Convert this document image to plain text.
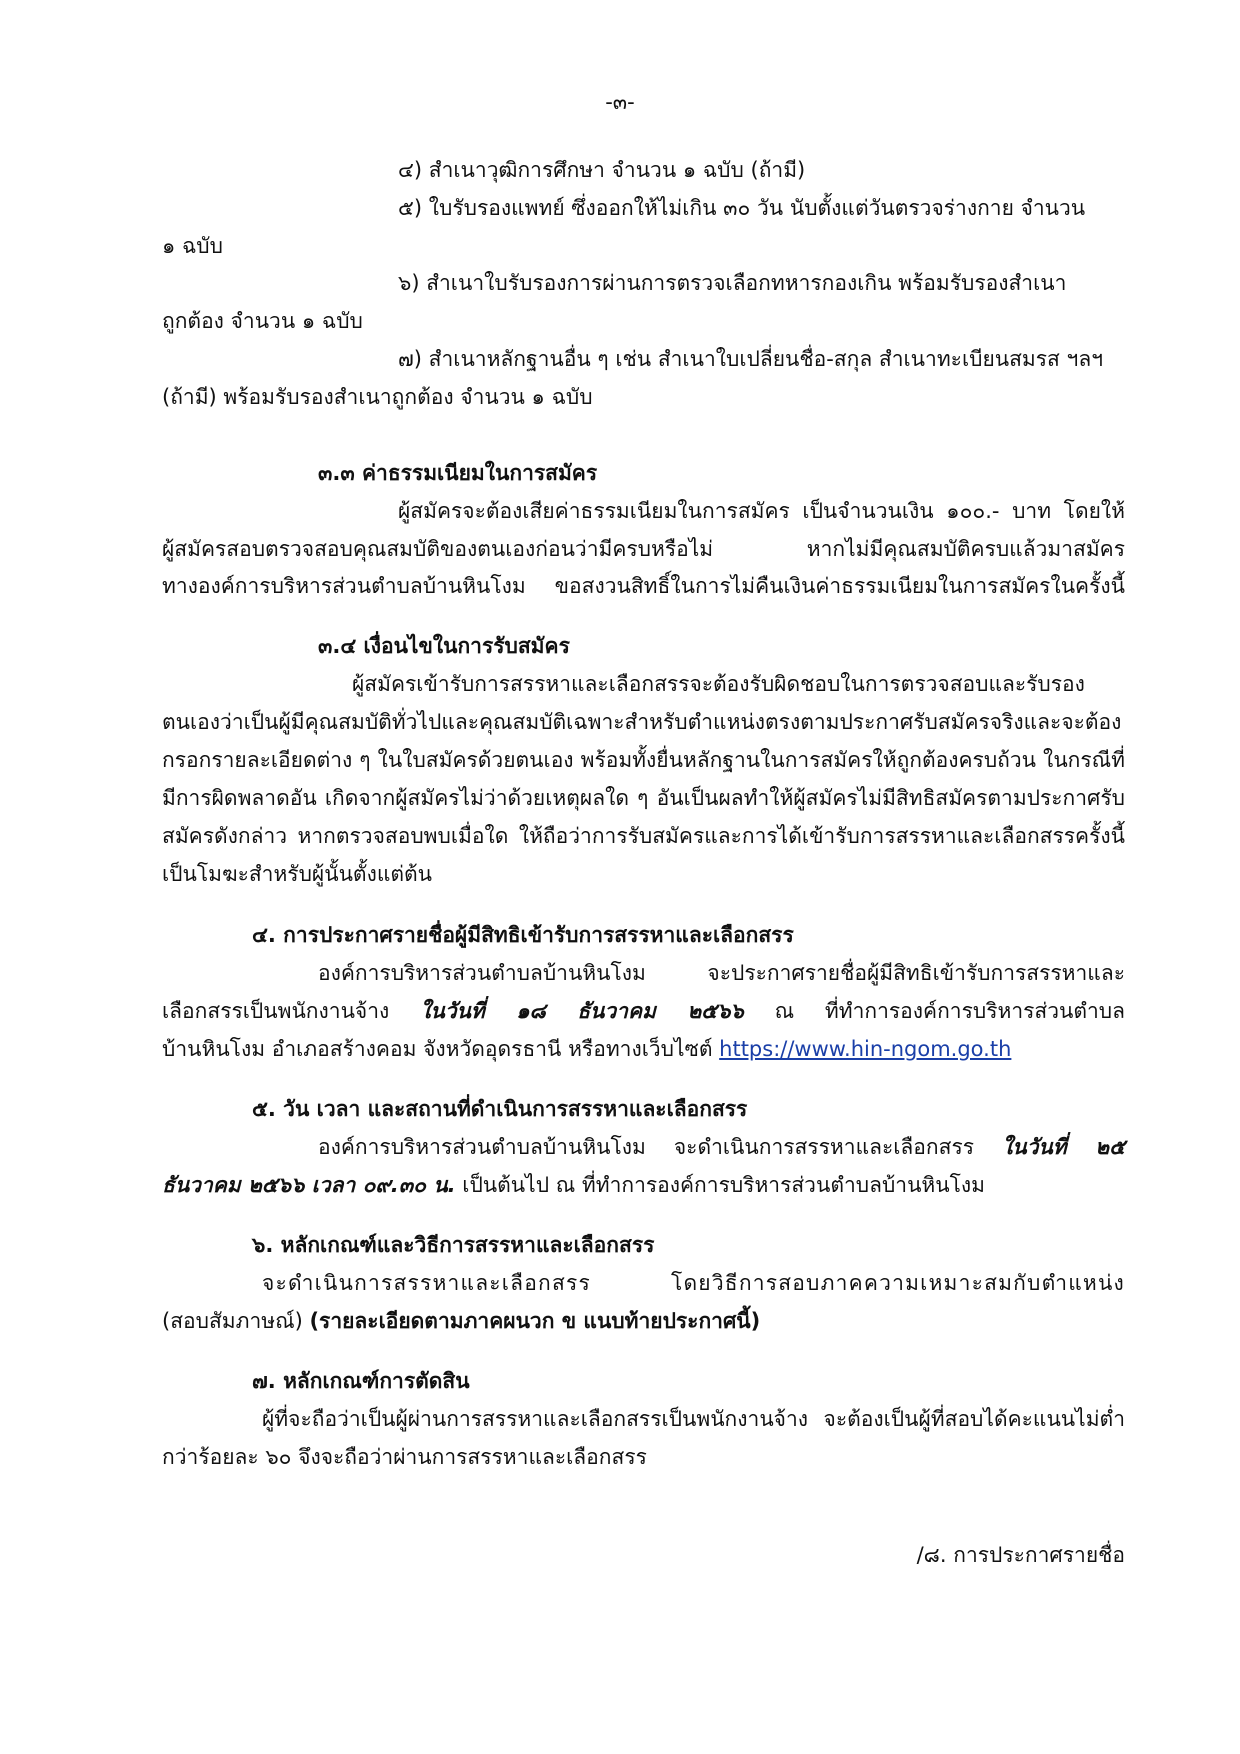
-๓-
๔) สำเนาวุฒิการศึกษา จำนวน ๑ ฉบับ (ถ้ามี)
๕) ใบรับรองแพทย์ ซึ่งออกให้ไม่เกิน ๓๐ วัน นับตั้งแต่วันตรวจร่างกาย จำนวน
๑ ฉบับ
๖) สำเนาใบรับรองการผ่านการตรวจเลือกทหารกองเกิน พร้อมรับรองสำเนา
ถูกต้อง จำนวน ๑ ฉบับ
๗) สำเนาหลักฐานอื่น ๆ เช่น สำเนาใบเปลี่ยนชื่อ-สกุล สำเนาทะเบียนสมรส ฯลฯ
(ถ้ามี) พร้อมรับรองสำเนาถูกต้อง จำนวน ๑ ฉบับ
๓.๓ ค่าธรรมเนียมในการสมัคร
ผู้สมัครจะต้องเสียค่าธรรมเนียมในการสมัคร เป็นจำนวนเงิน ๑๐๐.- บาท โดยให้
ผู้สมัครสอบตรวจสอบคุณสมบัติของตนเองก่อนว่ามีครบหรือไม่ หากไม่มีคุณสมบัติครบแล้วมาสมัคร
ทางองค์การบริหารส่วนตำบลบ้านหินโงม ขอสงวนสิทธิ์ในการไม่คืนเงินค่าธรรมเนียมในการสมัครในครั้งนี้
๓.๔ เงื่อนไขในการรับสมัคร
ผู้สมัครเข้ารับการสรรหาและเลือกสรรจะต้องรับผิดชอบในการตรวจสอบและรับรอง
ตนเองว่าเป็นผู้มีคุณสมบัติทั่วไปและคุณสมบัติเฉพาะสำหรับตำแหน่งตรงตามประกาศรับสมัครจริงและจะต้อง
กรอกรายละเอียดต่าง ๆ ในใบสมัครด้วยตนเอง พร้อมทั้งยื่นหลักฐานในการสมัครให้ถูกต้องครบถ้วน ในกรณีที่
มีการผิดพลาดอัน เกิดจากผู้สมัครไม่ว่าด้วยเหตุผลใด ๆ อันเป็นผลทำให้ผู้สมัครไม่มีสิทธิสมัครตามประกาศรับ
สมัครดังกล่าว หากตรวจสอบพบเมื่อใด ให้ถือว่าการรับสมัครและการได้เข้ารับการสรรหาและเลือกสรรครั้งนี้
เป็นโมฆะสำหรับผู้นั้นตั้งแต่ต้น
๔. การประกาศรายชื่อผู้มีสิทธิเข้ารับการสรรหาและเลือกสรร
องค์การบริหารส่วนตำบลบ้านหินโงม จะประกาศรายชื่อผู้มีสิทธิเข้ารับการสรรหาและ
เลือกสรรเป็นพนักงานจ้าง ในวันที่ ๑๘ ธันวาคม ๒๕๖๖ ณ ที่ทำการองค์การบริหารส่วนตำบล
บ้านหินโงม อำเภอสร้างคอม จังหวัดอุดรธานี หรือทางเว็บไซต์ https://www.hin-ngom.go.th
๕. วัน เวลา และสถานที่ดำเนินการสรรหาและเลือกสรร
องค์การบริหารส่วนตำบลบ้านหินโงม จะดำเนินการสรรหาและเลือกสรร ในวันที่ ๒๕
ธันวาคม ๒๕๖๖ เวลา ๐๙.๓๐ น. เป็นต้นไป ณ ที่ทำการองค์การบริหารส่วนตำบลบ้านหินโงม
๖. หลักเกณฑ์และวิธีการสรรหาและเลือกสรร
จะดำเนินการสรรหาและเลือกสรร โดยวิธีการสอบภาคความเหมาะสมกับตำแหน่ง
(สอบสัมภาษณ์) (รายละเอียดตามภาคผนวก ข แนบท้ายประกาศนี้)
๗. หลักเกณฑ์การตัดสิน
ผู้ที่จะถือว่าเป็นผู้ผ่านการสรรหาและเลือกสรรเป็นพนักงานจ้าง จะต้องเป็นผู้ที่สอบได้คะแนนไม่ต่ำ
กว่าร้อยละ ๖๐ จึงจะถือว่าผ่านการสรรหาและเลือกสรร
/๘. การประกาศรายชื่อ
